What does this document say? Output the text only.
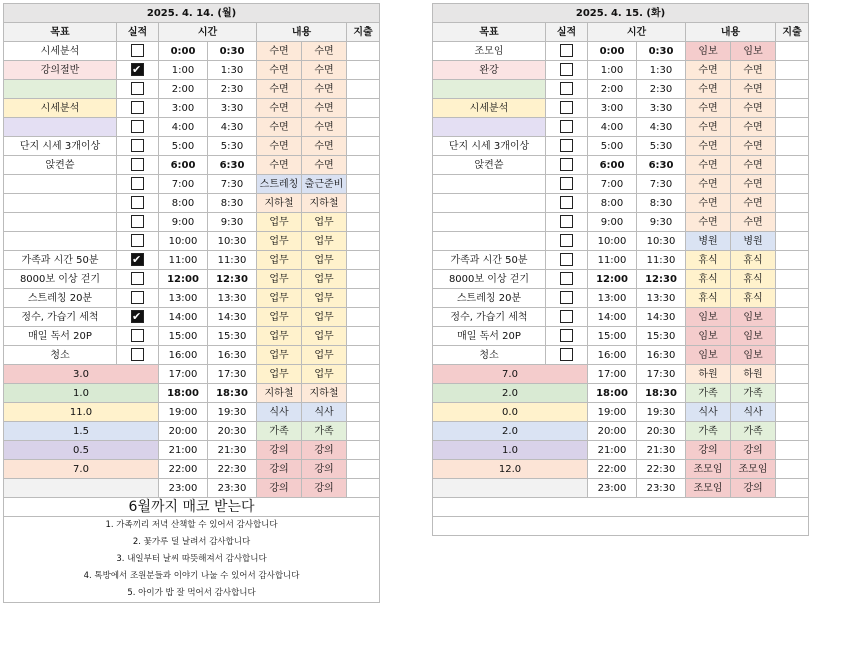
2025. 4. 14. (월)						
목표	실적	시간		내용		지출
시세분석		0:00	0:30	수면	수면	
강의절반	✔	1:00	1:30	수면	수면	
		2:00	2:30	수면	수면	
시세분석		3:00	3:30	수면	수면	
		4:00	4:30	수면	수면	
단지 시세 3개이상		5:00	5:30	수면	수면	
앉켠씉		6:00	6:30	수면	수면	
		7:00	7:30	스트레칭	출근준비	
		8:00	8:30	지하철	지하철	
		9:00	9:30	업무	업무	
		10:00	10:30	업무	업무	
가족과 시간 50분	✔	11:00	11:30	업무	업무	
8000보 이상 걷기		12:00	12:30	업무	업무	
스트레칭 20분		13:00	13:30	업무	업무	
정수, 가습기 세척	✔	14:00	14:30	업무	업무	
매일 독서 20P		15:00	15:30	업무	업무	
청소		16:00	16:30	업무	업무	
3.0		17:00	17:30	업무	업무	
1.0		18:00	18:30	지하철	지하철	
11.0		19:00	19:30	식사	식사	
1.5		20:00	20:30	가족	가족	
0.5		21:00	21:30	강의	강의	
7.0		22:00	22:30	강의	강의	
		23:00	23:30	강의	강의	
6월까지 매코 받는다						

1. 가족끼리 저녁 산책할 수 있어서 감사합니다
2. 꽃가루 덜 날려서 감사합니다
3. 내일부터 날씨 따뜻해져서 감사합니다
4. 톡방에서 조원분들과 이야기 나눌 수 있어서 감사합니다
5. 아이가 밥 잘 먹어서 감사합니다						
2025. 4. 15. (화)						
목표	실적	시간		내용		지출
조모임		0:00	0:30	임보	임보	
완강		1:00	1:30	수면	수면	
		2:00	2:30	수면	수면	
시세분석		3:00	3:30	수면	수면	
		4:00	4:30	수면	수면	
단지 시세 3개이상		5:00	5:30	수면	수면	
앉켠씉		6:00	6:30	수면	수면	
		7:00	7:30	수면	수면	
		8:00	8:30	수면	수면	
		9:00	9:30	수면	수면	
		10:00	10:30	병원	병원	
가족과 시간 50분		11:00	11:30	휴식	휴식	
8000보 이상 걷기		12:00	12:30	휴식	휴식	
스트레칭 20분		13:00	13:30	휴식	휴식	
정수, 가습기 세척		14:00	14:30	임보	임보	
매일 독서 20P		15:00	15:30	임보	임보	
청소		16:00	16:30	임보	임보	
7.0		17:00	17:30	하원	하원	
2.0		18:00	18:30	가족	가족	
0.0		19:00	19:30	식사	식사	
2.0		20:00	20:30	가족	가족	
1.0		21:00	21:30	강의	강의	
12.0		22:00	22:30	조모임	조모임	
		23:00	23:30	조모임	강의	
